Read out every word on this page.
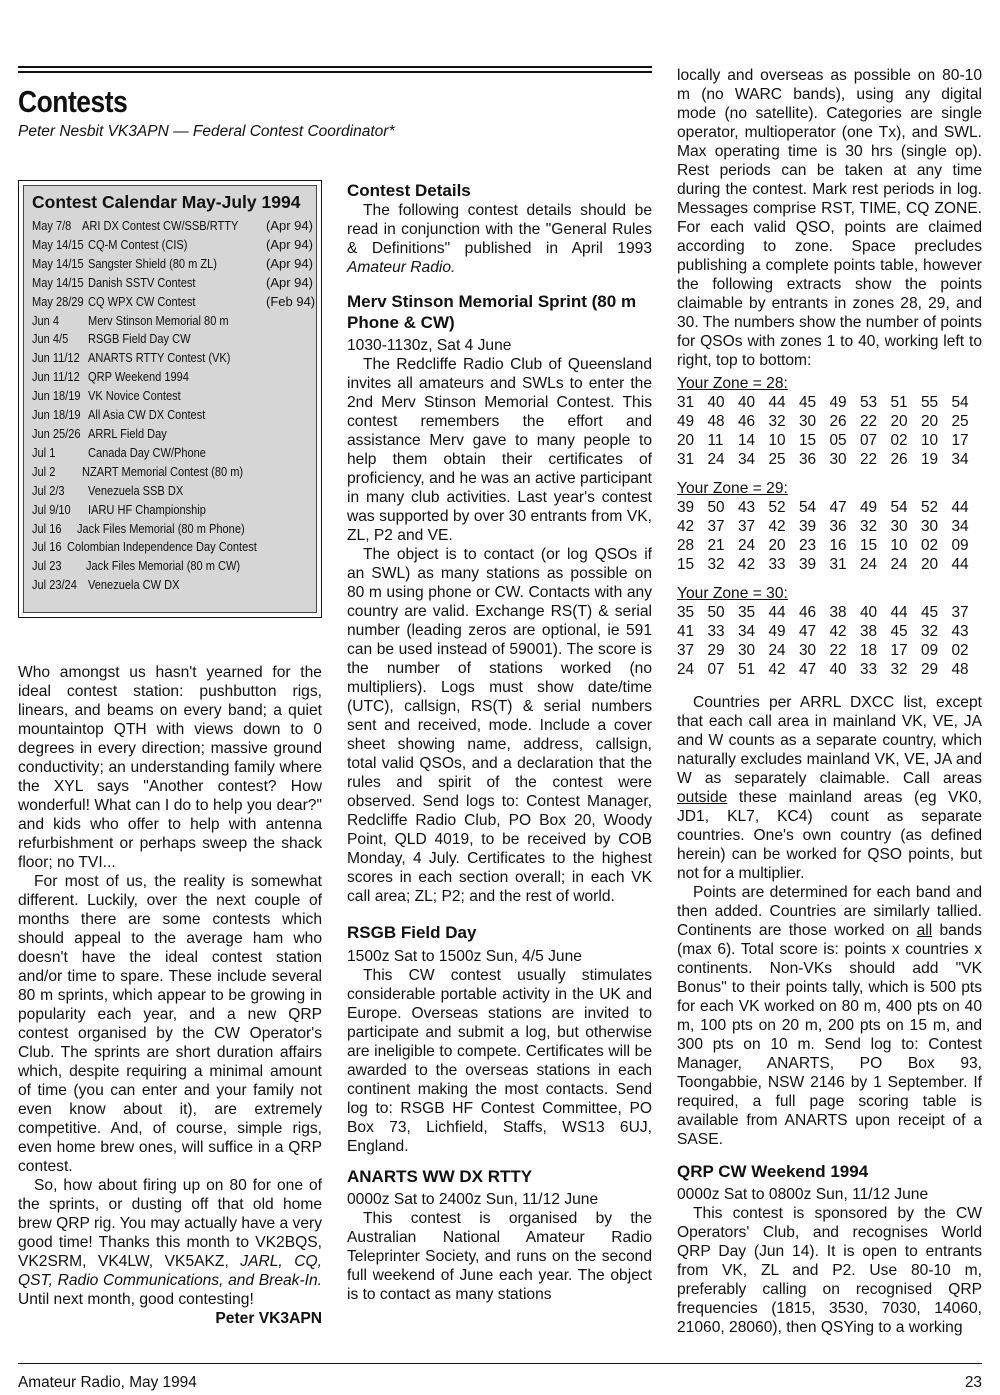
Contests
Peter Nesbit VK3APN — Federal Contest Coordinator*
Contest Calendar May-July 1994
May 7/8 ARI DX Contest CW/SSB/RTTY (Apr 94)
May 14/15 CQ-M Contest (CIS)	(Apr 94)
May 14/15 Sangster Shield (80 m ZL)	(Apr 94)
May 14/15 Danish SSTV Contest	(Apr 94)
May 28/29 CQ WPX CW Contest	(Feb 94)
Jun 4	Merv Stinson Memorial 80 m
Jun 4/5	RSGB Field Day CW
Jun 11/12 ANARTS RTTY Contest (VK)
Jun 11/12 QRP Weekend 1994
Jun 18/19 VK Novice Contest
Jun 18/19 All Asia CW DX Contest
Jun 25/26 ARRL Field Day
Jul 1	Canada Day CW/Phone
Jul 2	NZART Memorial Contest (80 m)
Jul 2/3	Venezuela SSB DX
Jul 9/10	IARU HF Championship
Jul 16	Jack Files Memorial (80 m Phone)
Jul 16 Colombian Independence Day Contest
Jul 23	Jack Files Memorial (80 m CW)
Jul 23/24 Venezuela CW DX

Who amongst us hasn't yearned for the ideal contest station: pushbutton rigs, linears, and beams on every band; a quiet mountaintop QTH with views down to 0 degrees in every direction; massive ground conductivity; an understanding family where the XYL says "Another contest? How wonderful! What can I do to help you dear?" and kids who offer to help with antenna refurbishment or perhaps sweep the shack floor; no TVI...

For most of us, the reality is somewhat different. Luckily, over the next couple of months there are some contests which should appeal to the average ham who doesn't have the ideal contest station and/or time to spare. These include several 80 m sprints, which appear to be growing in popularity each year, and a new QRP contest organised by the CW Operator's Club. The sprints are short duration affairs which, despite requiring a minimal amount of time (you can enter and your family not even know about it), are extremely competitive. And, of course, simple rigs, even home brew ones, will suffice in a QRP contest.

So, how about firing up on 80 for one of the sprints, or dusting off that old home brew QRP rig. You may actually have a very good time! Thanks this month to VK2BQS, VK2SRM, VK4LW, VK5AKZ, JARL, CQ, QST, Radio Communications, and Break-In. Until next month, good contesting!

Peter VK3APN

Contest Details

The following contest details should be read in conjunction with the "General Rules & Definitions" published in April 1993 Amateur Radio.

Merv Stinson Memorial Sprint (80 m Phone & CW)

1030-1130z, Sat 4 June

The Redcliffe Radio Club of Queensland invites all amateurs and SWLs to enter the 2nd Merv Stinson Memorial Contest. This contest remembers the effort and assistance Merv gave to many people to help them obtain their certificates of proficiency, and he was an active participant in many club activities. Last year's contest was supported by over 30 entrants from VK, ZL, P2 and VE.

The object is to contact (or log QSOs if an SWL) as many stations as possible on 80 m using phone or CW. Contacts with any country are valid. Exchange RS(T) & serial number (leading zeros are optional, ie 591 can be used instead of 59001). The score is the number of stations worked (no multipliers). Logs must show date/time (UTC), callsign, RS(T) & serial numbers sent and received, mode. Include a cover sheet showing name, address, callsign, total valid QSOs, and a declaration that the rules and spirit of the contest were observed. Send logs to: Contest Manager, Redcliffe Radio Club, PO Box 20, Woody Point, QLD 4019, to be received by COB Monday, 4 July. Certificates to the highest scores in each section overall; in each VK call area; ZL; P2; and the rest of world.

RSGB Field Day

1500z Sat to 1500z Sun, 4/5 June

This CW contest usually stimulates considerable portable activity in the UK and Europe. Overseas stations are invited to participate and submit a log, but otherwise are ineligible to compete. Certificates will be awarded to the overseas stations in each continent making the most contacts. Send log to: RSGB HF Contest Committee, PO Box 73, Lichfield, Staffs, WS13 6UJ, England.

ANARTS WW DX RTTY

0000z Sat to 2400z Sun, 11/12 June

This contest is organised by the Australian National Amateur Radio Teleprinter Society, and runs on the second full weekend of June each year. The object is to contact as many stations

locally and overseas as possible on 80-10 m (no WARC bands), using any digital mode (no satellite). Categories are single operator, multioperator (one Tx), and SWL. Max operating time is 30 hrs (single op). Rest periods can be taken at any time during the contest. Mark rest periods in log. Messages comprise RST, TIME, CQ ZONE. For each valid QSO, points are claimed according to zone. Space precludes publishing a complete points table, however the following extracts show the points claimable by entrants in zones 28, 29, and 30. The numbers show the number of points for QSOs with zones 1 to 40, working left to right, top to bottom:

Your Zone = 28:
31 40 40 44 45 49 53 51 55 54
49 48 46 32 30 26 22 20 20 25
20 11 14 10 15 05 07 02 10 17
31 24 34 25 36 30 22 26 19 34
Your Zone = 29:
39 50 43 52 54 47 49 54 52 44
42 37 37 42 39 36 32 30 30 34
28 21 24 20 23 16 15 10 02 09
15 32 42 33 39 31 24 24 20 44
Your Zone = 30:
35 50 35 44 46 38 40 44 45 37
41 33 34 49 47 42 38 45 32 43
37 29 30 24 30 22 18 17 09 02
24 07 51 42 47 40 33 32 29 48

Countries per ARRL DXCC list, except that each call area in mainland VK, VE, JA and W counts as a separate country, which naturally excludes mainland VK, VE, JA and W as separately claimable. Call areas outside these mainland areas (eg VK0, JD1, KL7, KC4) count as separate countries. One's own country (as defined herein) can be worked for QSO points, but not for a multiplier.

Points are determined for each band and then added. Countries are similarly tallied. Continents are those worked on all bands (max 6). Total score is: points x countries x continents. Non-VKs should add "VK Bonus" to their points tally, which is 500 pts for each VK worked on 80 m, 400 pts on 40 m, 100 pts on 20 m, 200 pts on 15 m, and 300 pts on 10 m. Send log to: Contest Manager, ANARTS, PO Box 93, Toongabbie, NSW 2146 by 1 September. If required, a full page scoring table is available from ANARTS upon receipt of a SASE.

QRP CW Weekend 1994

0000z Sat to 0800z Sun, 11/12 June

This contest is sponsored by the CW Operators' Club, and recognises World QRP Day (Jun 14). It is open to entrants from VK, ZL and P2. Use 80-10 m, preferably calling on recognised QRP frequencies (1815, 3530, 7030, 14060, 21060, 28060), then QSYing to a working

Amateur Radio, May 1994	23
